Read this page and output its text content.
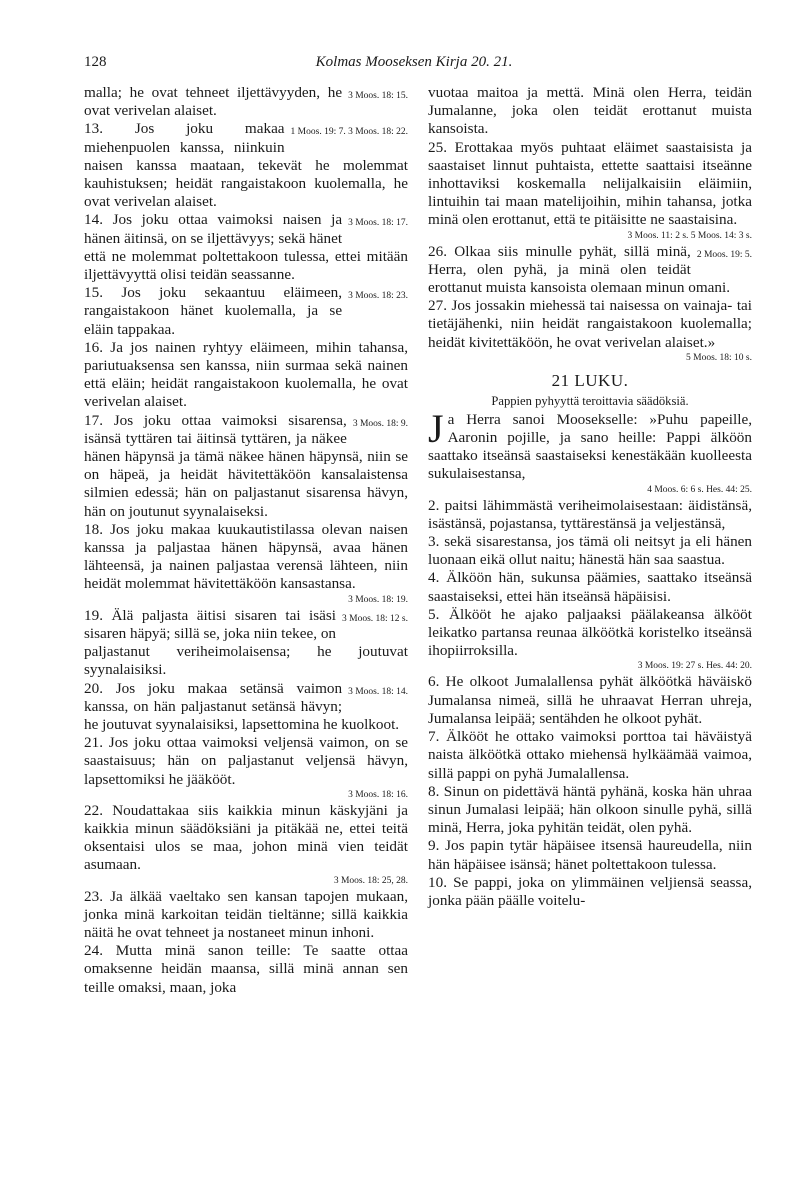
128	Kolmas Mooseksen Kirja 20. 21.

3 Moos. 18: 15.
malla; he ovat tehneet iljettävyyden, he ovat verivelan alaiset.

1 Moos. 19: 7. 3 Moos. 18: 22.
13. Jos joku makaa miehenpuolen kanssa, niinkuin naisen kanssa maataan, tekevät he molemmat kauhistuksen; heidät rangaistakoon kuolemalla, he ovat verivelan alaiset.

3 Moos. 18: 17.
14. Jos joku ottaa vaimoksi naisen ja hänen äitinsä, on se iljettävyys; sekä hänet että ne molemmat poltettakoon tulessa, ettei mitään iljettävyyttä olisi teidän seassanne.

3 Moos. 18: 23.
15. Jos joku sekaantuu eläimeen, rangaistakoon hänet kuolemalla, ja se eläin tappakaa.

16. Ja jos nainen ryhtyy eläimeen, mihin tahansa, pariutuaksensa sen kanssa, niin surmaa sekä nainen että eläin; heidät rangaistakoon kuolemalla, he ovat verivelan alaiset.

3 Moos. 18: 9.
17. Jos joku ottaa vaimoksi sisarensa, isänsä tyttären tai äitinsä tyttären, ja näkee hänen häpynsä ja tämä näkee hänen häpynsä, niin se on häpeä, ja heidät hävitettäköön kansalaistensa silmien edessä; hän on paljastanut sisarensa hävyn, hän on joutunut syynalaiseksi.

18. Jos joku makaa kuukautistilassa olevan naisen kanssa ja paljastaa hänen häpynsä, avaa hänen lähteensä, ja nainen paljastaa verensä lähteen, niin heidät molemmat hävitettäköön kansastansa.

3 Moos. 18: 19.

3 Moos. 18: 12 s.
19. Älä paljasta äitisi sisaren tai isäsi sisaren häpyä; sillä se, joka niin tekee, on paljastanut veriheimolaisensa; he joutuvat syynalaisiksi.

3 Moos. 18: 14.
20. Jos joku makaa setänsä vaimon kanssa, on hän paljastanut setänsä hävyn; he joutuvat syynalaisiksi, lapsettomina he kuolkoot.

21. Jos joku ottaa vaimoksi veljensä vaimon, on se saastaisuus; hän on paljastanut veljensä hävyn, lapsettomiksi he jääkööt.

3 Moos. 18: 16.

22. Noudattakaa siis kaikkia minun käskyjäni ja kaikkia minun säädöksiäni ja pitäkää ne, ettei teitä oksentaisi ulos se maa, johon minä vien teidät asumaan.

3 Moos. 18: 25, 28.

23. Ja älkää vaeltako sen kansan tapojen mukaan, jonka minä karkoitan teidän tieltänne; sillä kaikkia näitä he ovat tehneet ja nostaneet minun inhoni.

24. Mutta minä sanon teille: Te saatte ottaa omaksenne heidän maansa, sillä minä annan sen teille omaksi, maan, joka

vuotaa maitoa ja mettä. Minä olen Herra, teidän Jumalanne, joka olen teidät erottanut muista kansoista.

25. Erottakaa myös puhtaat eläimet saastaisista ja saastaiset linnut puhtaista, ettette saattaisi itseänne inhottaviksi koskemalla nelijalkaisiin eläimiin, lintuihin tai maan matelijoihin, mihin tahansa, jotka minä olen erottanut, että te pitäisitte ne saastaisina.

3 Moos. 11: 2 s. 5 Moos. 14: 3 s.

2 Moos. 19: 5.
26. Olkaa siis minulle pyhät, sillä minä, Herra, olen pyhä, ja minä olen teidät erottanut muista kansoista olemaan minun omani.

27. Jos jossakin miehessä tai naisessa on vainaja- tai tietäjähenki, niin heidät rangaistakoon kuolemalla; heidät kivitettäköön, he ovat verivelan alaiset.»

5 Moos. 18: 10 s.

21 LUKU.

Pappien pyhyyttä teroittavia säädöksiä.

Ja Herra sanoi Moosekselle: »Puhu papeille, Aaronin pojille, ja sano heille: Pappi älköön saattako itseänsä saastaiseksi kenestäkään kuolleesta sukulaisestansa,

4 Moos. 6: 6 s. Hes. 44: 25.

2. paitsi lähimmästä veriheimolaisestaan: äidistänsä, isästänsä, pojastansa, tyttärestänsä ja veljestänsä,

3. sekä sisarestansa, jos tämä oli neitsyt ja eli hänen luonaan eikä ollut naitu; hänestä hän saa saastua.

4. Älköön hän, sukunsa päämies, saattako itseänsä saastaiseksi, ettei hän itseänsä häpäisisi.

5. Älkööt he ajako paljaaksi päälakeansa älkööt leikatko partansa reunaa älköötkä koristelko itseänsä ihopiirroksilla.

3 Moos. 19: 27 s. Hes. 44: 20.

6. He olkoot Jumalallensa pyhät älköötkä häväiskö Jumalansa nimeä, sillä he uhraavat Herran uhreja, Jumalansa leipää; sentähden he olkoot pyhät.

7. Älkööt he ottako vaimoksi porttoa tai häväistyä naista älköötkä ottako miehensä hylkäämää vaimoa, sillä pappi on pyhä Jumalallensa.

8. Sinun on pidettävä häntä pyhänä, koska hän uhraa sinun Jumalasi leipää; hän olkoon sinulle pyhä, sillä minä, Herra, joka pyhitän teidät, olen pyhä.

9. Jos papin tytär häpäisee itsensä haureudella, niin hän häpäisee isänsä; hänet poltettakoon tulessa.

10. Se pappi, joka on ylimmäinen veljiensä seassa, jonka pään päälle voitelu-
